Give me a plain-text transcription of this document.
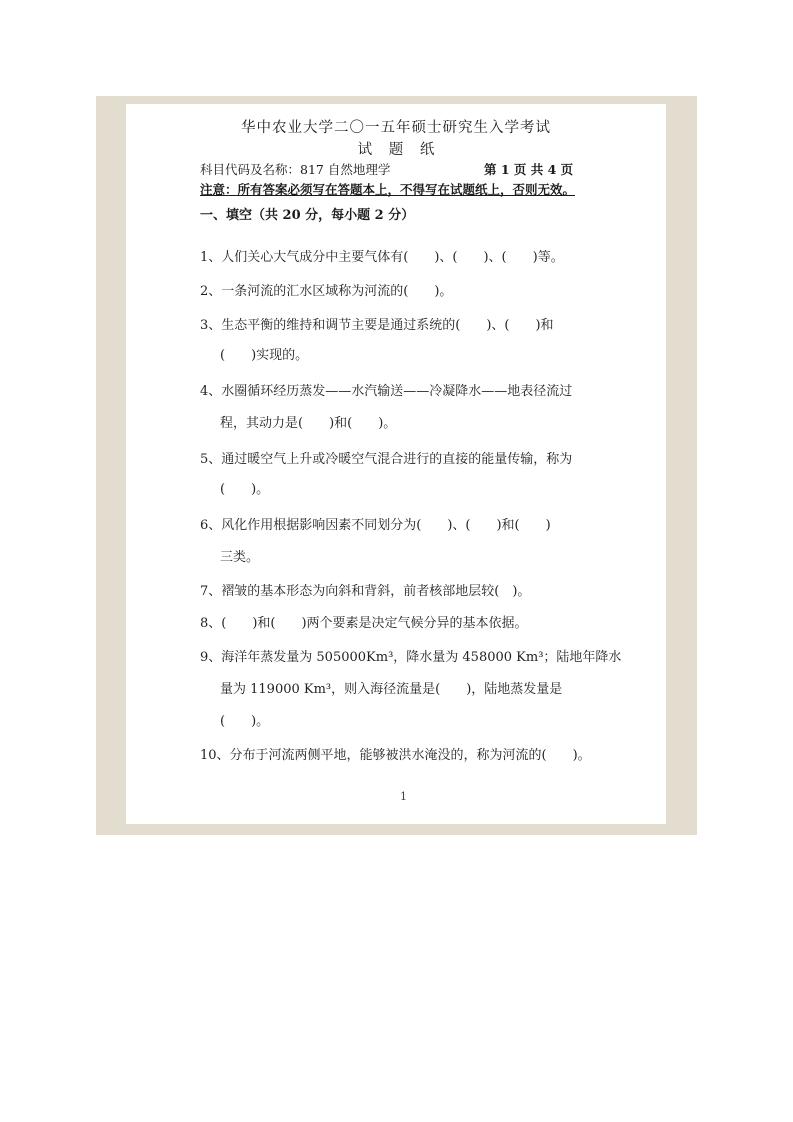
华中农业大学二〇一五年硕士研究生入学考试
试 题 纸
科目代码及名称：817 自然地理学	第 1 页 共 4 页
注意：所有答案必须写在答题本上，不得写在试题纸上，否则无效。
一、填空（共 20 分，每小题 2 分）
1、人们关心大气成分中主要气体有(　　)、(　　)、(　　)等。
2、一条河流的汇水区域称为河流的(　　)。
3、生态平衡的维持和调节主要是通过系统的(　　)、(　　)和
(　　)实现的。
4、水圈循环经历蒸发——水汽输送——冷凝降水——地表径流过
程，其动力是(　　)和(　　)。
5、通过暖空气上升或冷暖空气混合进行的直接的能量传输，称为
(　　)。
6、风化作用根据影响因素不同划分为(　　)、(　　)和(　　)
三类。
7、褶皱的基本形态为向斜和背斜，前者核部地层较(　)。
8、(　　)和(　　)两个要素是决定气候分异的基本依据。
9、海洋年蒸发量为 505000Km³，降水量为 458000 Km³；陆地年降水
量为 119000 Km³，则入海径流量是(　　)，陆地蒸发量是
(　　)。
10、分布于河流两侧平地，能够被洪水淹没的，称为河流的(　　)。
1
